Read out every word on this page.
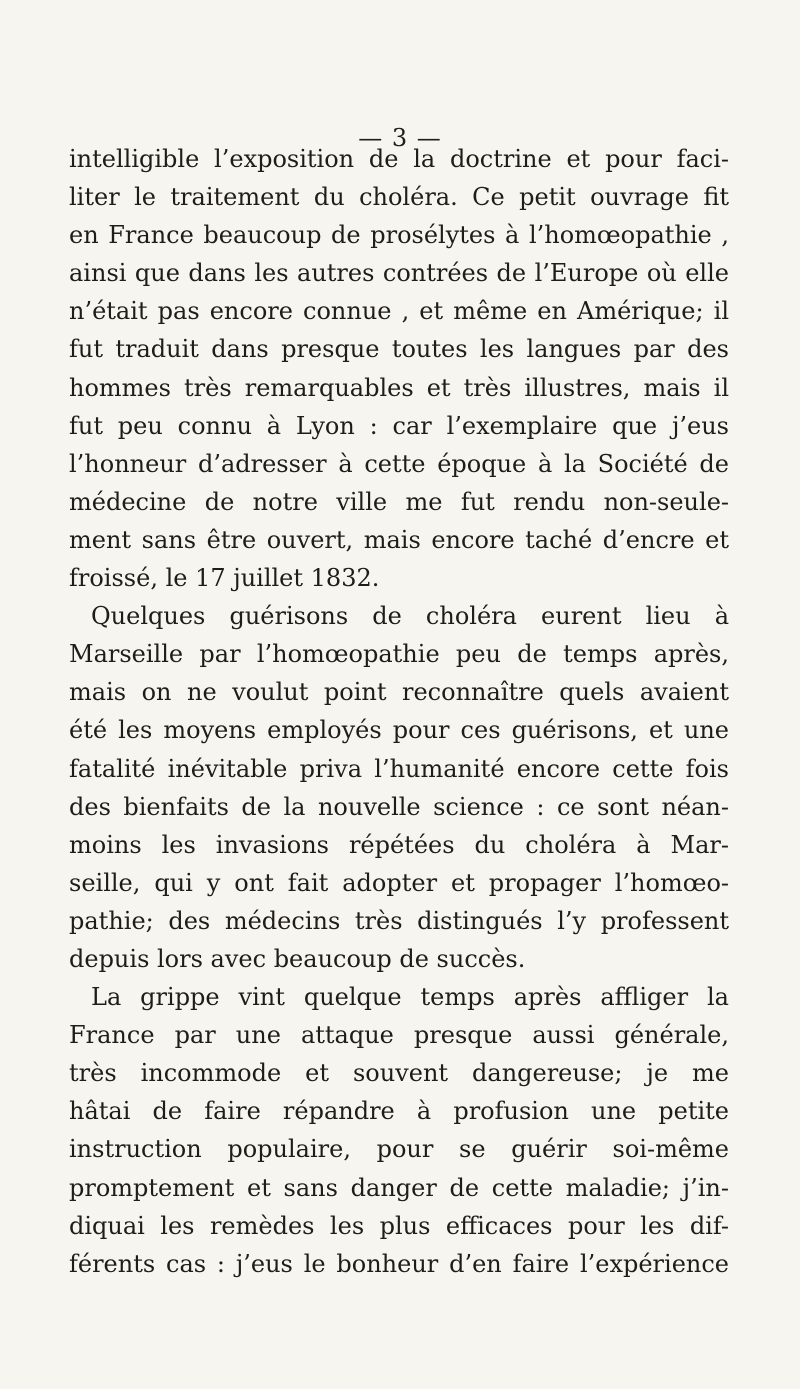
— 3 —
intelligible l’exposition de la doctrine et pour faci-
liter le traitement du choléra. Ce petit ouvrage fit
en France beaucoup de prosélytes à l’homœopathie ,
ainsi que dans les autres contrées de l’Europe où elle
n’était pas encore connue , et même en Amérique; il
fut traduit dans presque toutes les langues par des
hommes très remarquables et très illustres, mais il
fut peu connu à Lyon : car l’exemplaire que j’eus
l’honneur d’adresser à cette époque à la Société de
médecine de notre ville me fut rendu non-seule-
ment sans être ouvert, mais encore taché d’encre et
froissé, le 17 juillet 1832.
Quelques guérisons de choléra eurent lieu à
Marseille par l’homœopathie peu de temps après,
mais on ne voulut point reconnaître quels avaient
été les moyens employés pour ces guérisons, et une
fatalité inévitable priva l’humanité encore cette fois
des bienfaits de la nouvelle science : ce sont néan-
moins les invasions répétées du choléra à Mar-
seille, qui y ont fait adopter et propager l’homœo-
pathie; des médecins très distingués l’y professent
depuis lors avec beaucoup de succès.
La grippe vint quelque temps après affliger la
France par une attaque presque aussi générale,
très incommode et souvent dangereuse; je me
hâtai de faire répandre à profusion une petite
instruction populaire, pour se guérir soi-même
promptement et sans danger de cette maladie; j’in-
diquai les remèdes les plus efficaces pour les dif-
férents cas : j’eus le bonheur d’en faire l’expérience
